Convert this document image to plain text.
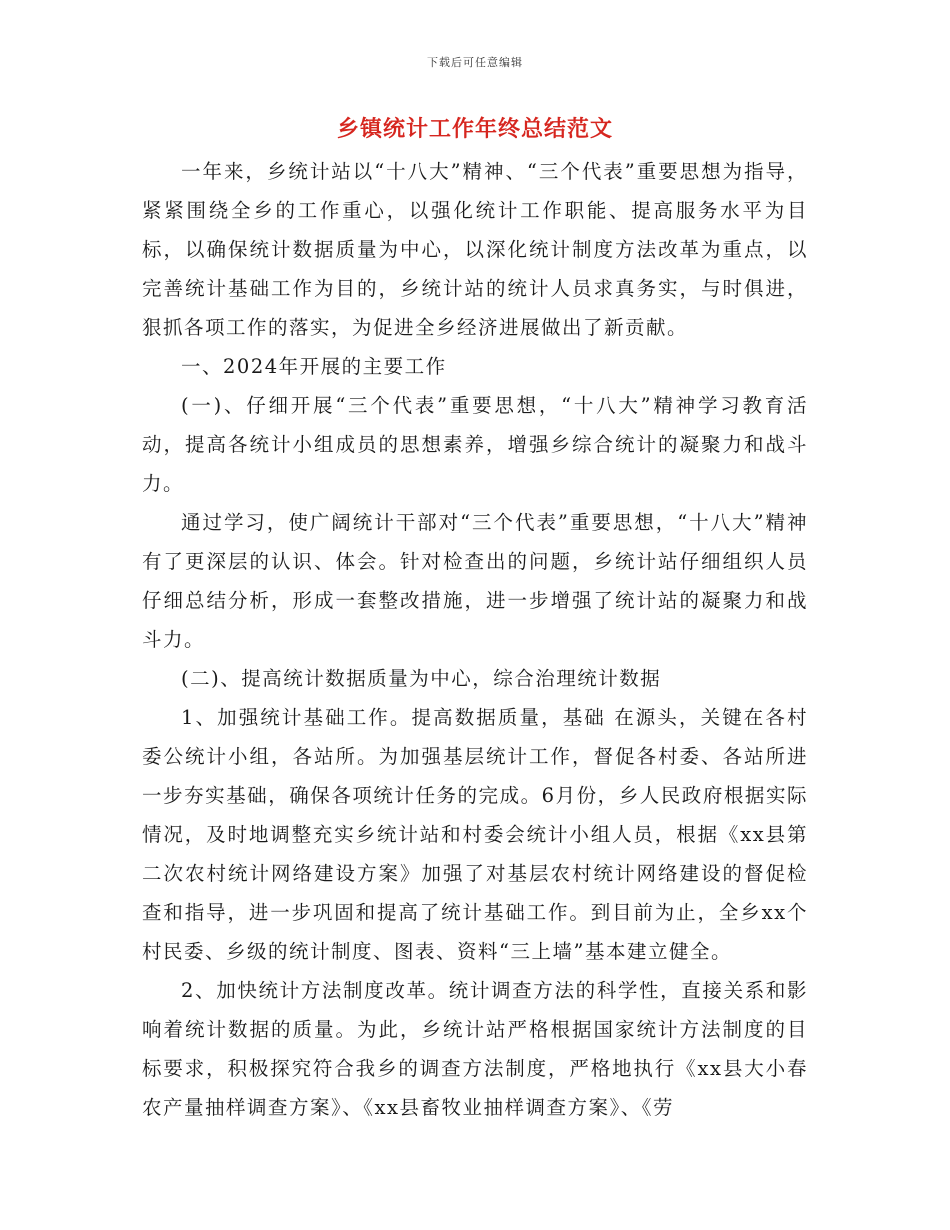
下载后可任意编辑
乡镇统计工作年终总结范文

一年来，乡统计站以“十八大”精神、“三个代表”重要思想为指导，紧紧围绕全乡的工作重心，以强化统计工作职能、提高服务水平为目标，以确保统计数据质量为中心，以深化统计制度方法改革为重点，以完善统计基础工作为目的，乡统计站的统计人员求真务实，与时俱进，狠抓各项工作的落实，为促进全乡经济进展做出了新贡献。

一、2024年开展的主要工作

(一)、仔细开展“三个代表”重要思想，“十八大”精神学习教育活动，提高各统计小组成员的思想素养，增强乡综合统计的凝聚力和战斗力。

通过学习，使广阔统计干部对“三个代表”重要思想，“十八大”精神有了更深层的认识、体会。针对检查出的问题，乡统计站仔细组织人员仔细总结分析，形成一套整改措施，进一步增强了统计站的凝聚力和战斗力。

(二)、提高统计数据质量为中心，综合治理统计数据

1、加强统计基础工作。提高数据质量，基础 在源头，关键在各村委公统计小组，各站所。为加强基层统计工作，督促各村委、各站所进一步夯实基础，确保各项统计任务的完成。6月份，乡人民政府根据实际情况，及时地调整充实乡统计站和村委会统计小组人员，根据《xx县第二次农村统计网络建设方案》加强了对基层农村统计网络建设的督促检查和指导，进一步巩固和提高了统计基础工作。到目前为止，全乡xx个村民委、乡级的统计制度、图表、资料“三上墙”基本建立健全。

2、加快统计方法制度改革。统计调查方法的科学性，直接关系和影响着统计数据的质量。为此，乡统计站严格根据国家统计方法制度的目标要求，积极探究符合我乡的调查方法制度，严格地执行《xx县大小春农产量抽样调查方案》、《xx县畜牧业抽样调查方案》、《劳
